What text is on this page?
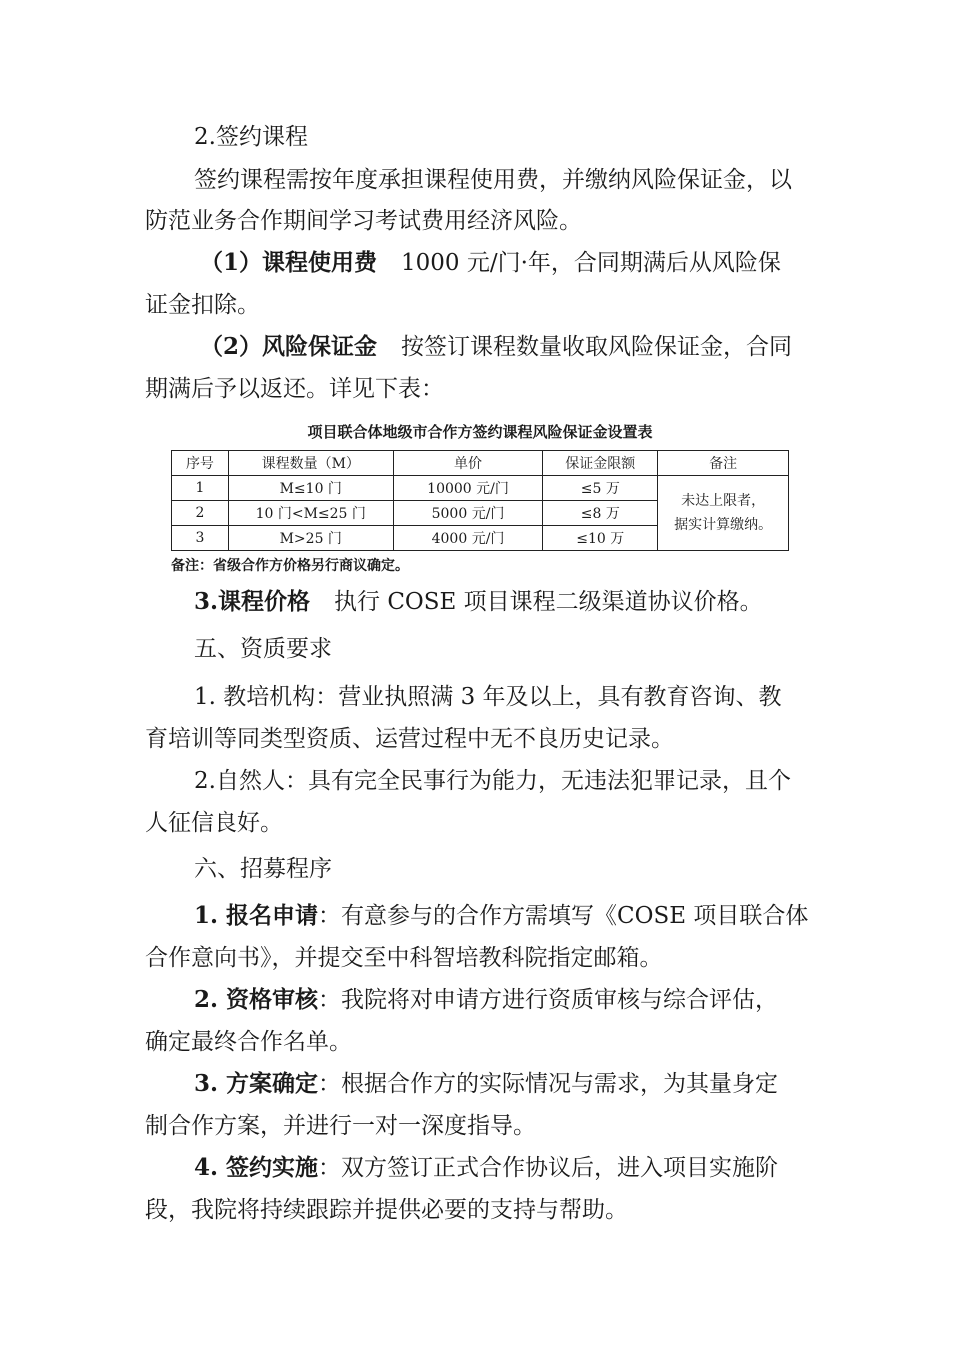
2.签约课程
签约课程需按年度承担课程使用费，并缴纳风险保证金，以
防范业务合作期间学习考试费用经济风险。
（1）课程使用费 1000 元/门·年，合同期满后从风险保
证金扣除。
（2）风险保证金 按签订课程数量收取风险保证金，合同
期满后予以返还。详见下表：
项目联合体地级市合作方签约课程风险保证金设置表
序号	课程数量（M）	单价	保证金限额	备注
1	M≤10 门	10000 元/门	≤5 万	未达上限者，
据实计算缴纳。

2	10 门<M≤25 门	5000 元/门	≤8 万	
3	M>25 门	4000 元/门	≤10 万	
备注：省级合作方价格另行商议确定。
3.课程价格 执行 COSE 项目课程二级渠道协议价格。
五、资质要求
1. 教培机构：营业执照满 3 年及以上，具有教育咨询、教
育培训等同类型资质、运营过程中无不良历史记录。
2.自然人：具有完全民事行为能力，无违法犯罪记录，且个
人征信良好。
六、招募程序
1. 报名申请：有意参与的合作方需填写《COSE 项目联合体
合作意向书》，并提交至中科智培教科院指定邮箱。
2. 资格审核：我院将对申请方进行资质审核与综合评估，
确定最终合作名单。
3. 方案确定：根据合作方的实际情况与需求，为其量身定
制合作方案，并进行一对一深度指导。
4. 签约实施：双方签订正式合作协议后，进入项目实施阶
段，我院将持续跟踪并提供必要的支持与帮助。
